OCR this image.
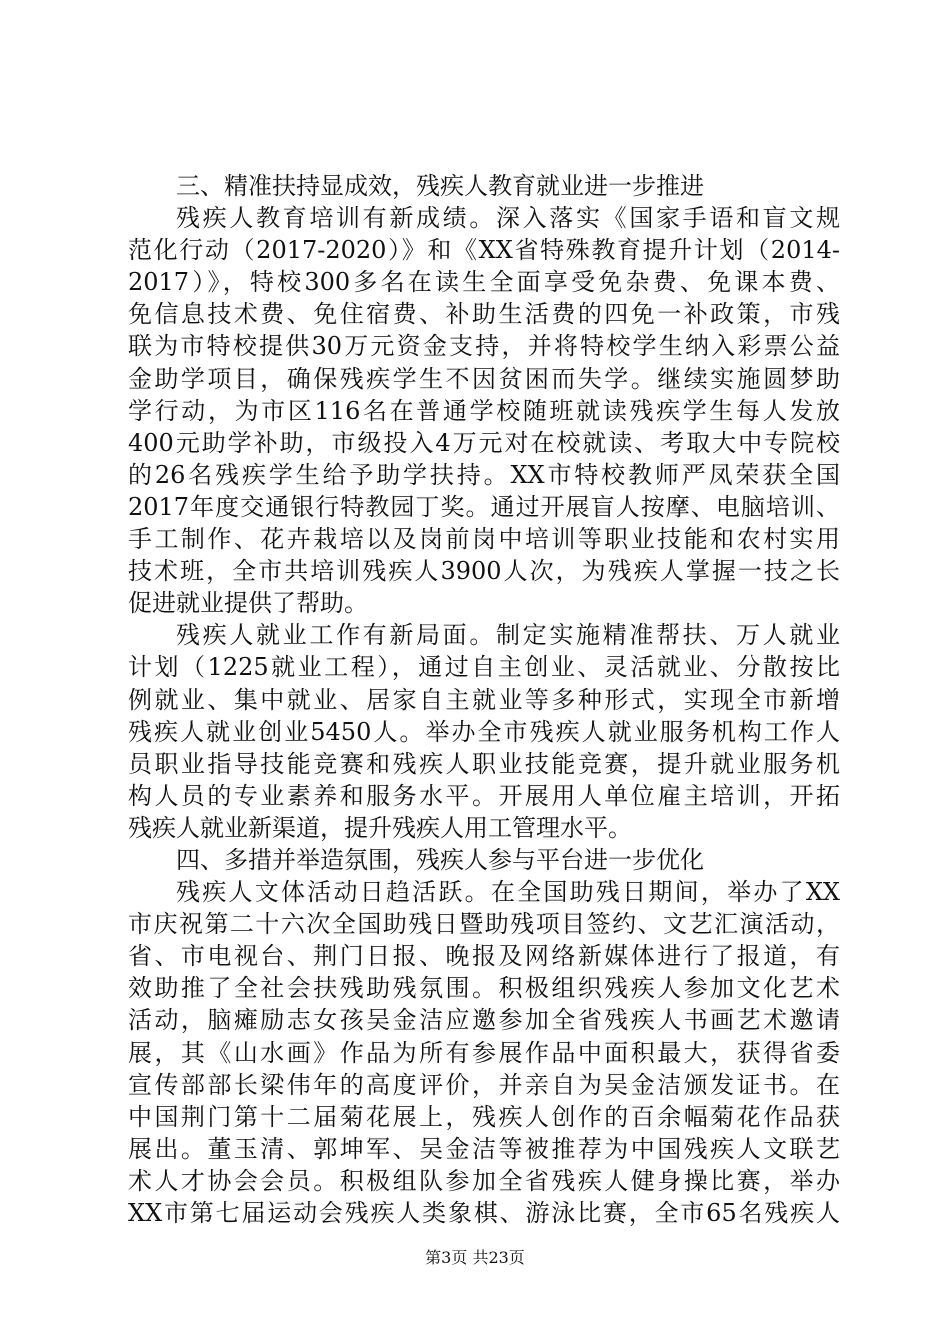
三、精准扶持显成效，残疾人教育就业进一步推进
残疾人教育培训有新成绩。深入落实《国家手语和盲文规
范化行动（2017-2020）》和《XX省特殊教育提升计划（2014-
2017）》，特校300多名在读生全面享受免杂费、免课本费、
免信息技术费、免住宿费、补助生活费的四免一补政策，市残
联为市特校提供30万元资金支持，并将特校学生纳入彩票公益
金助学项目，确保残疾学生不因贫困而失学。继续实施圆梦助
学行动，为市区116名在普通学校随班就读残疾学生每人发放
400元助学补助，市级投入4万元对在校就读、考取大中专院校
的26名残疾学生给予助学扶持。XX市特校教师严凤荣获全国
2017年度交通银行特教园丁奖。通过开展盲人按摩、电脑培训、
手工制作、花卉栽培以及岗前岗中培训等职业技能和农村实用
技术班，全市共培训残疾人3900人次，为残疾人掌握一技之长
促进就业提供了帮助。
残疾人就业工作有新局面。制定实施精准帮扶、万人就业
计划（1225就业工程），通过自主创业、灵活就业、分散按比
例就业、集中就业、居家自主就业等多种形式，实现全市新增
残疾人就业创业5450人。举办全市残疾人就业服务机构工作人
员职业指导技能竞赛和残疾人职业技能竞赛，提升就业服务机
构人员的专业素养和服务水平。开展用人单位雇主培训，开拓
残疾人就业新渠道，提升残疾人用工管理水平。
四、多措并举造氛围，残疾人参与平台进一步优化
残疾人文体活动日趋活跃。在全国助残日期间，举办了XX
市庆祝第二十六次全国助残日暨助残项目签约、文艺汇演活动，
省、市电视台、荆门日报、晚报及网络新媒体进行了报道，有
效助推了全社会扶残助残氛围。积极组织残疾人参加文化艺术
活动，脑瘫励志女孩吴金洁应邀参加全省残疾人书画艺术邀请
展，其《山水画》作品为所有参展作品中面积最大，获得省委
宣传部部长梁伟年的高度评价，并亲自为吴金洁颁发证书。在
中国荆门第十二届菊花展上，残疾人创作的百余幅菊花作品获
展出。董玉清、郭坤军、吴金洁等被推荐为中国残疾人文联艺
术人才协会会员。积极组队参加全省残疾人健身操比赛，举办
XX市第七届运动会残疾人类象棋、游泳比赛，全市65名残疾人
第3页 共23页
